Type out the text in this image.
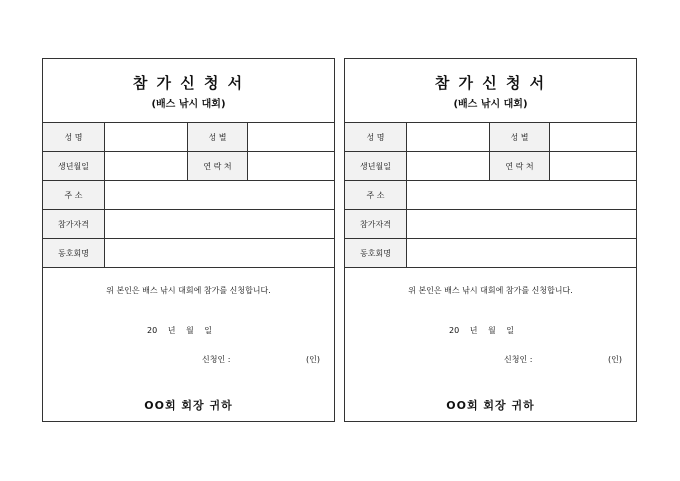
참 가 신 청 서
(배스 낚시 대회)
성 명	성 별
생년월일	연 락 처
주 소
참가자격
동호회명
위 본인은 배스 낚시 대회에 참가를 신청합니다.
20 년 월 일
신청인 :	(인)
OO회 회장 귀하
참 가 신 청 서
(배스 낚시 대회)
성 명	성 별
생년월일	연 락 처
주 소
참가자격
동호회명
위 본인은 배스 낚시 대회에 참가를 신청합니다.
20 년 월 일
신청인 :	(인)
OO회 회장 귀하
